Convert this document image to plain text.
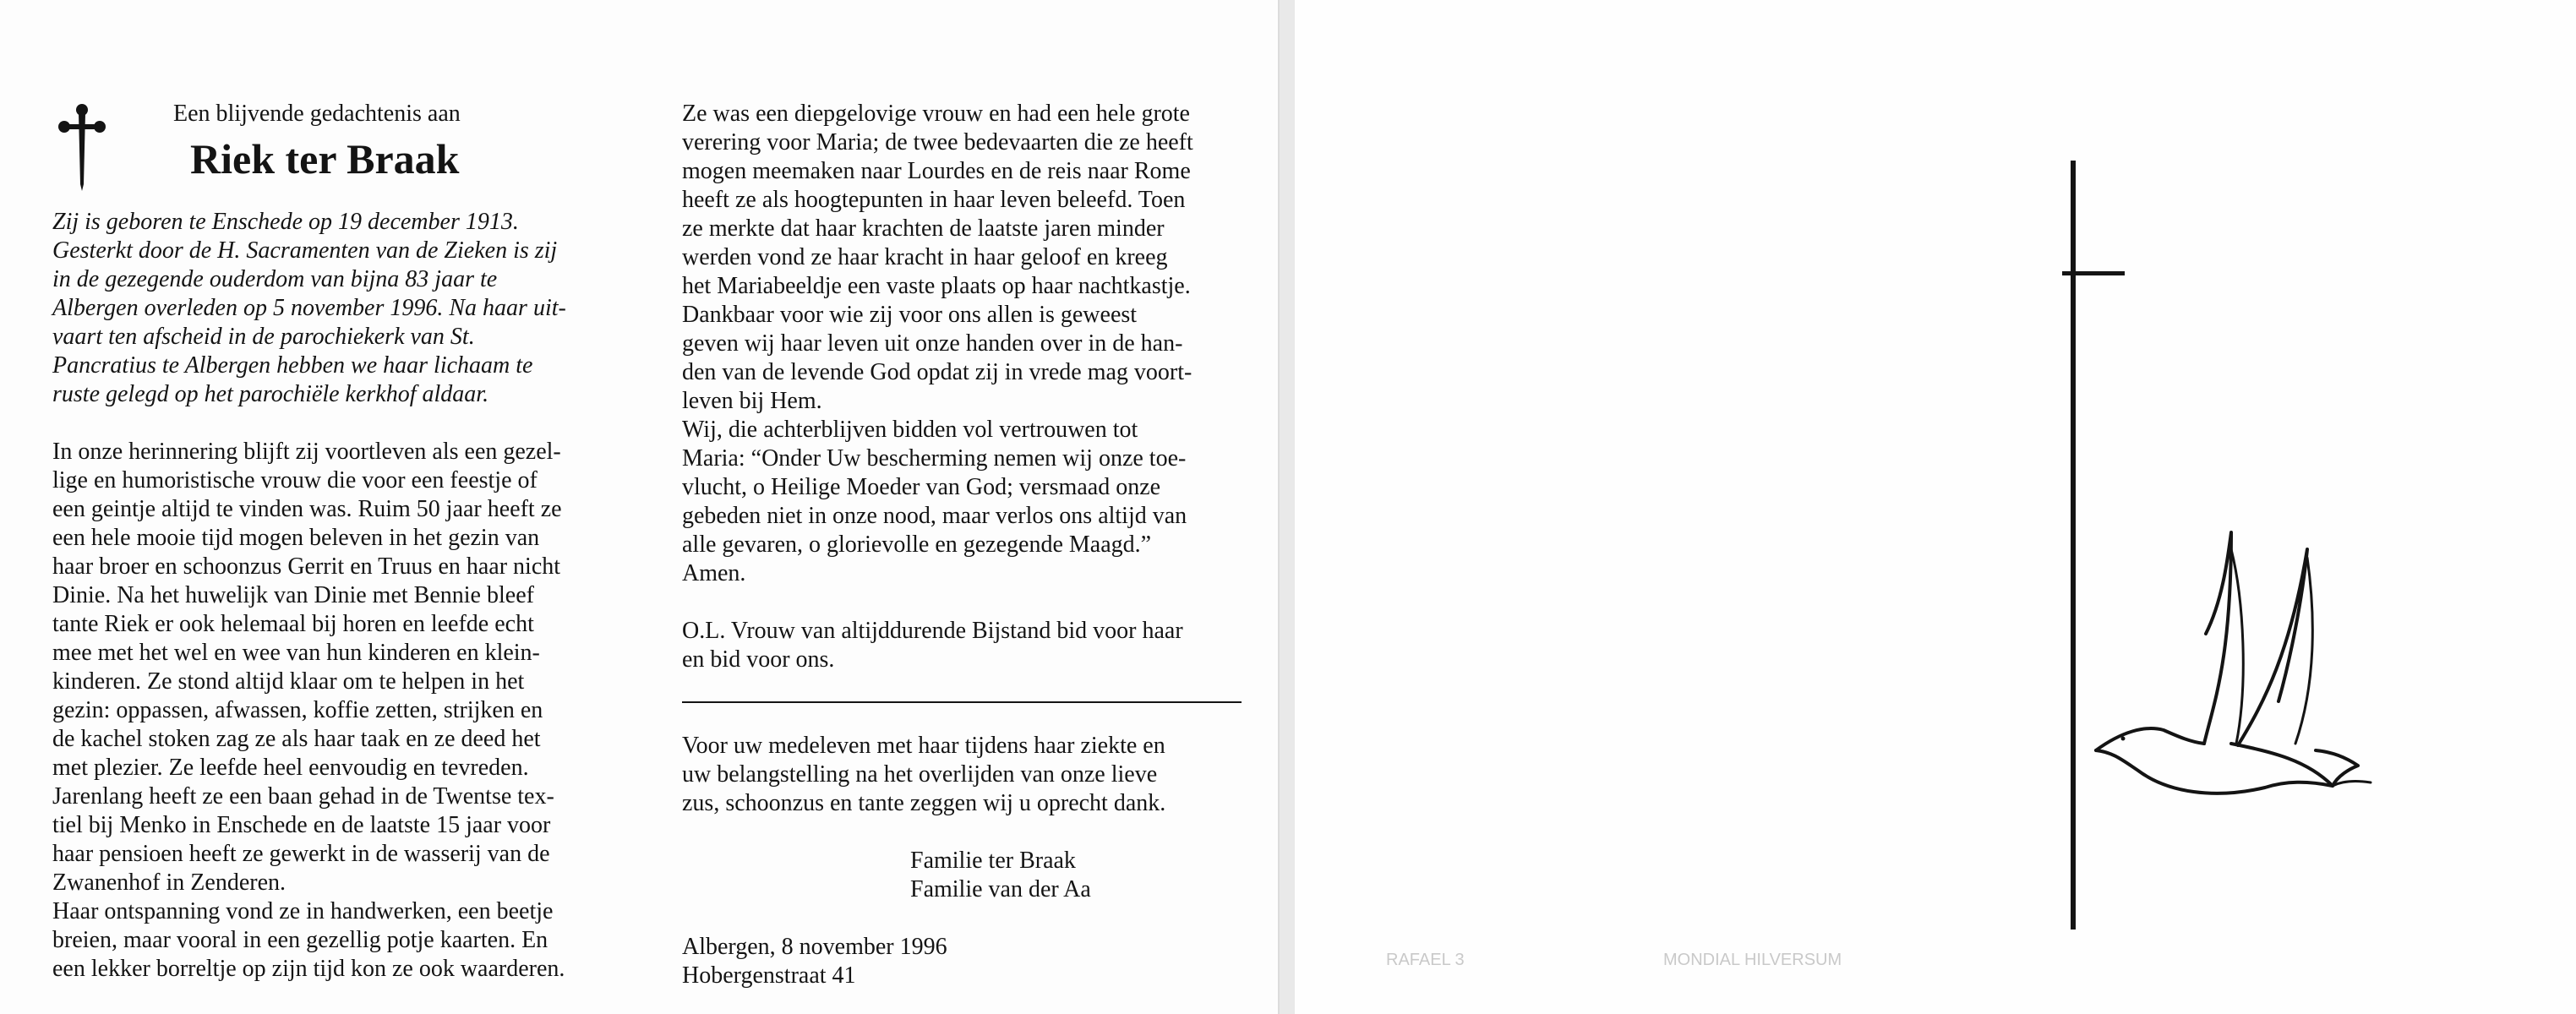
Een blijvende gedachtenis aan
Riek ter Braak

Zij is geboren te Enschede op 19 december 1913.

Gesterkt door de H. Sacramenten van de Zieken is zij

in de gezegende ouderdom van bijna 83 jaar te

Albergen overleden op 5 november 1996. Na haar uit-

vaart ten afscheid in de parochiekerk van St.

Pancratius te Albergen hebben we haar lichaam te

ruste gelegd op het parochiële kerkhof aldaar.

In onze herinnering blijft zij voortleven als een gezel-

lige en humoristische vrouw die voor een feestje of

een geintje altijd te vinden was. Ruim 50 jaar heeft ze

een hele mooie tijd mogen beleven in het gezin van

haar broer en schoonzus Gerrit en Truus en haar nicht

Dinie. Na het huwelijk van Dinie met Bennie bleef

tante Riek er ook helemaal bij horen en leefde echt

mee met het wel en wee van hun kinderen en klein-

kinderen. Ze stond altijd klaar om te helpen in het

gezin: oppassen, afwassen, koffie zetten, strijken en

de kachel stoken zag ze als haar taak en ze deed het

met plezier. Ze leefde heel eenvoudig en tevreden.

Jarenlang heeft ze een baan gehad in de Twentse tex-

tiel bij Menko in Enschede en de laatste 15 jaar voor

haar pensioen heeft ze gewerkt in de wasserij van de

Zwanenhof in Zenderen.

Haar ontspanning vond ze in handwerken, een beetje

breien, maar vooral in een gezellig potje kaarten. En

een lekker borreltje op zijn tijd kon ze ook waarderen.

Ze was een diepgelovige vrouw en had een hele grote

verering voor Maria; de twee bedevaarten die ze heeft

mogen meemaken naar Lourdes en de reis naar Rome

heeft ze als hoogtepunten in haar leven beleefd. Toen

ze merkte dat haar krachten de laatste jaren minder

werden vond ze haar kracht in haar geloof en kreeg

het Mariabeeldje een vaste plaats op haar nachtkastje.

Dankbaar voor wie zij voor ons allen is geweest

geven wij haar leven uit onze handen over in de han-

den van de levende God opdat zij in vrede mag voort-

leven bij Hem.

Wij, die achterblijven bidden vol vertrouwen tot

Maria: “Onder Uw bescherming nemen wij onze toe-

vlucht, o Heilige Moeder van God; versmaad onze

gebeden niet in onze nood, maar verlos ons altijd van

alle gevaren, o glorievolle en gezegende Maagd.”

Amen.

O.L. Vrouw van altijddurende Bijstand bid voor haar

en bid voor ons.

Voor uw medeleven met haar tijdens haar ziekte en

uw belangstelling na het overlijden van onze lieve

zus, schoonzus en tante zeggen wij u oprecht dank.

Familie ter Braak

Familie van der Aa

Albergen, 8 november 1996

Hobergenstraat 41

RAFAEL 3	MONDIAL HILVERSUM
